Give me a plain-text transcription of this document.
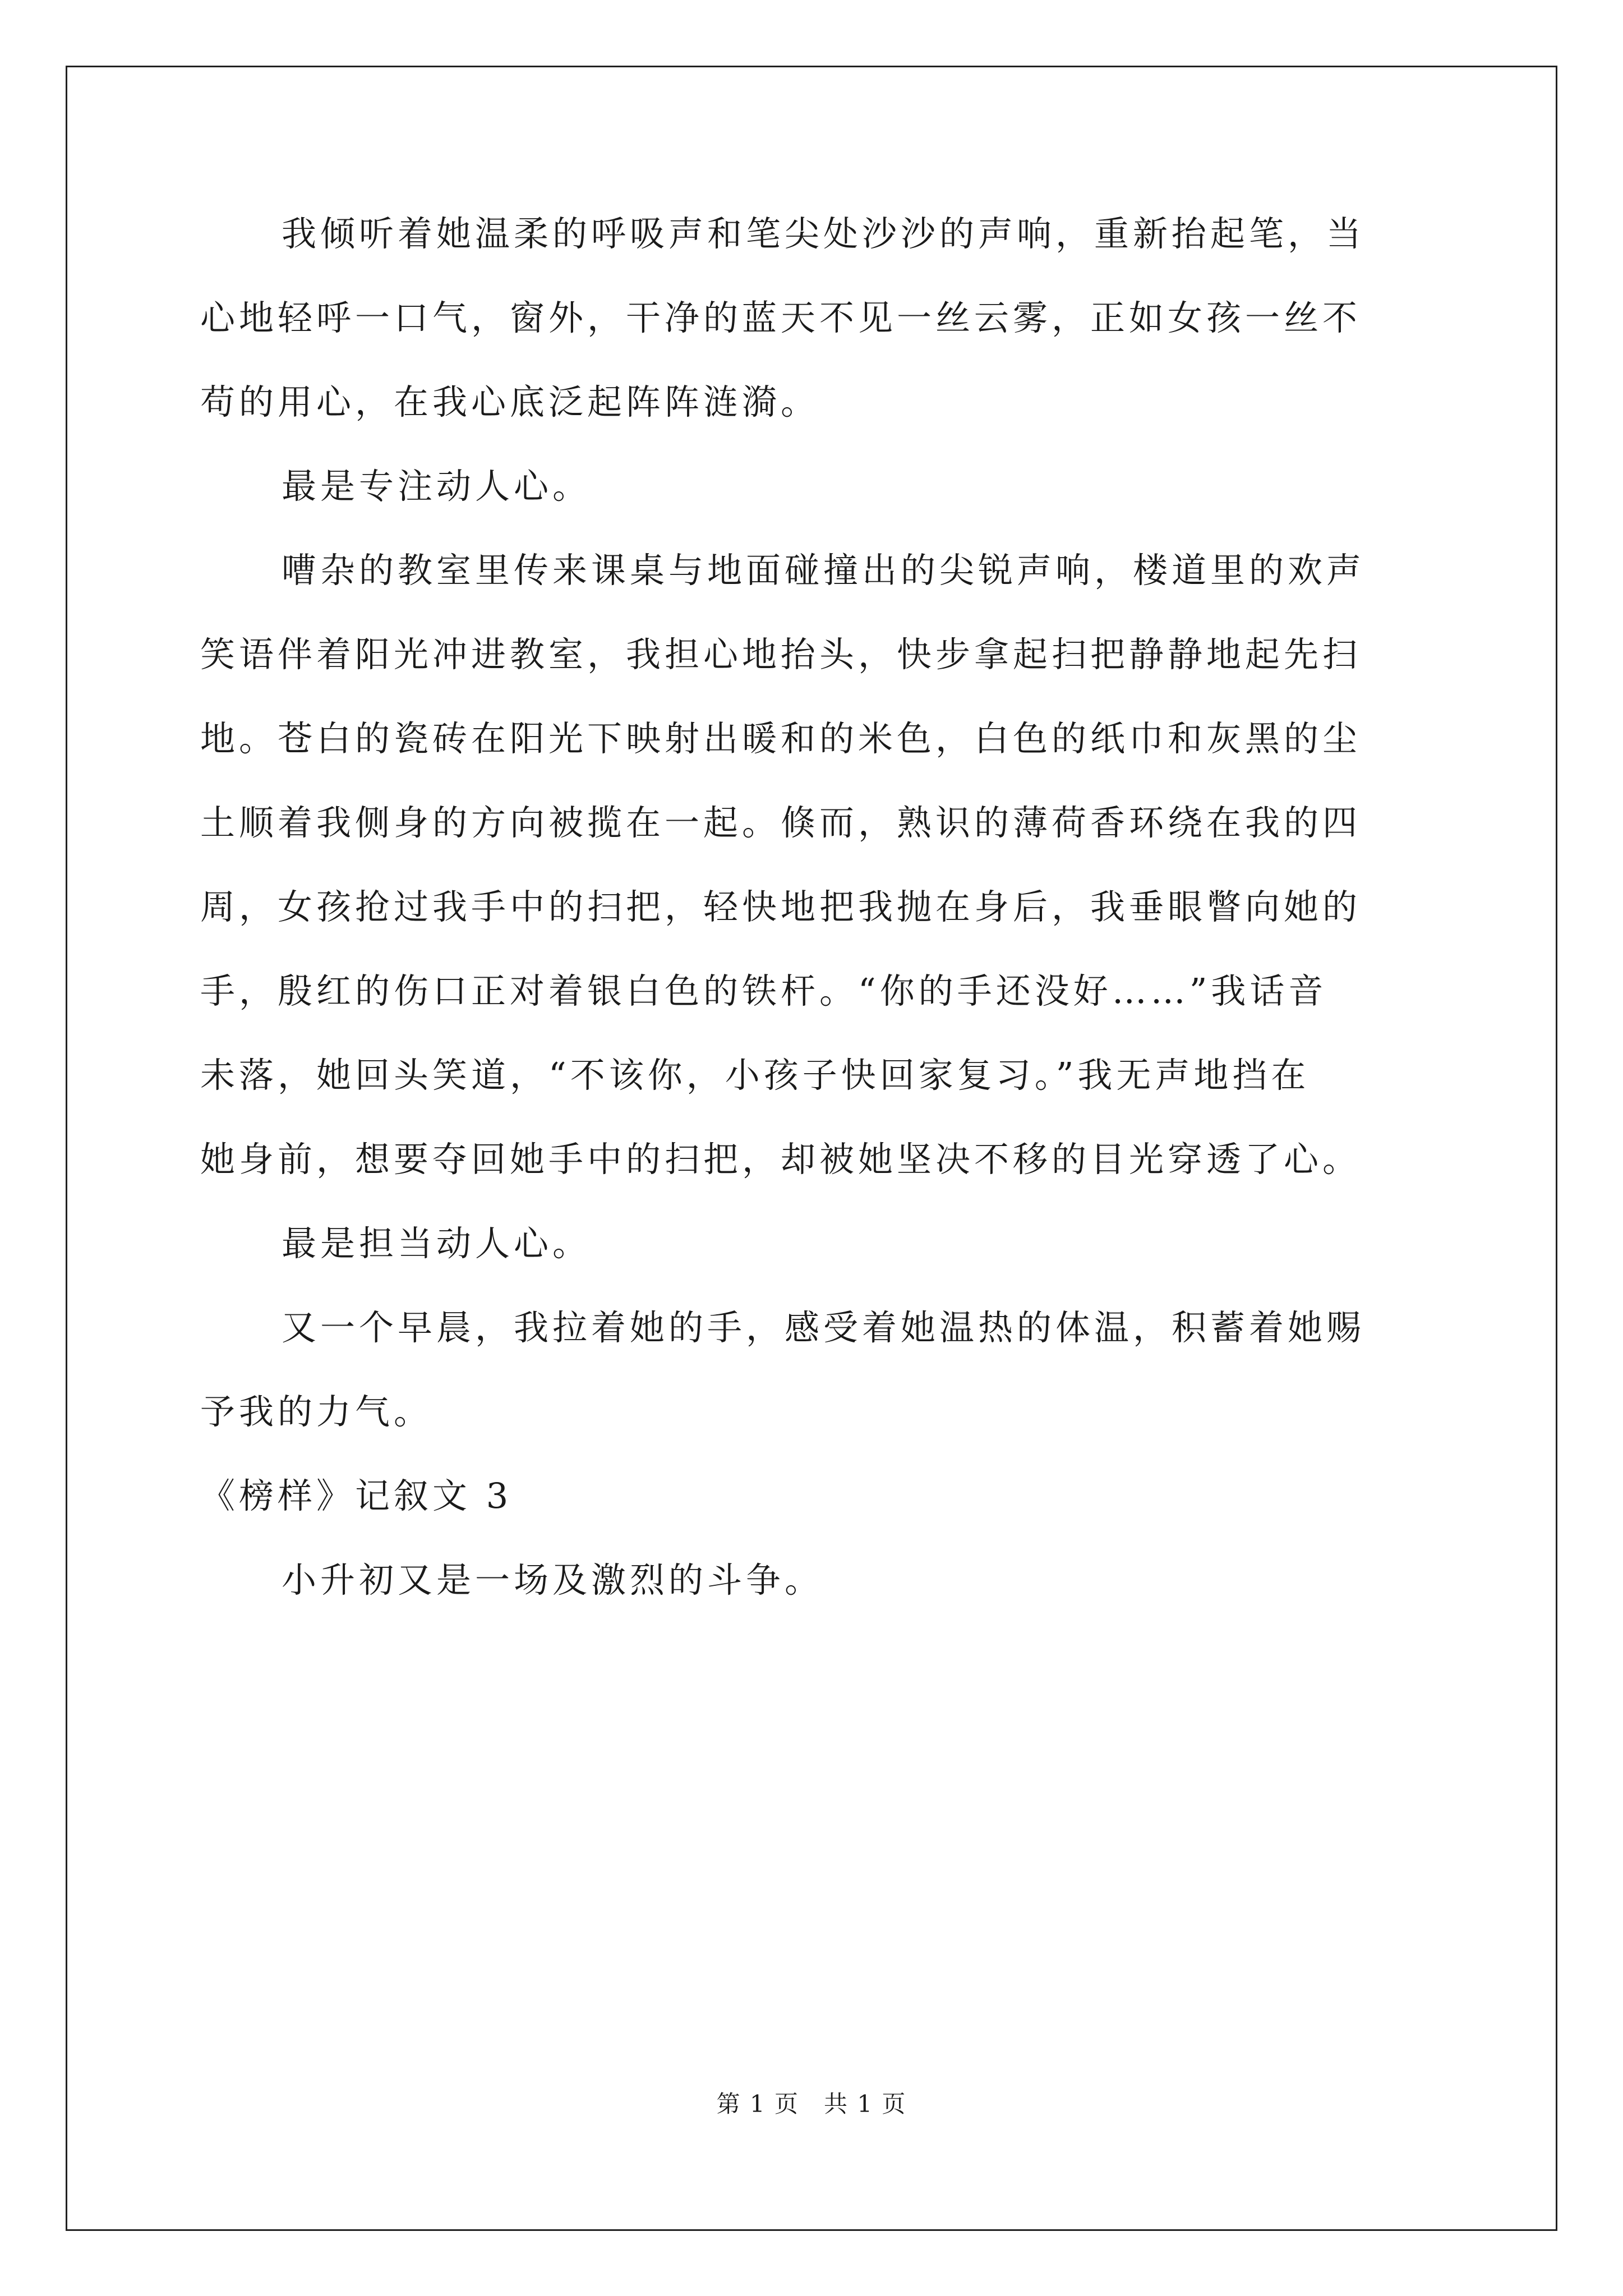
我倾听着她温柔的呼吸声和笔尖处沙沙的声响，重新抬起笔，当
心地轻呼一口气，窗外，干净的蓝天不见一丝云雾，正如女孩一丝不
苟的用心，在我心底泛起阵阵涟漪。
最是专注动人心。
嘈杂的教室里传来课桌与地面碰撞出的尖锐声响，楼道里的欢声
笑语伴着阳光冲进教室，我担心地抬头，快步拿起扫把静静地起先扫
地。苍白的瓷砖在阳光下映射出暖和的米色，白色的纸巾和灰黑的尘
土顺着我侧身的方向被揽在一起。倏而，熟识的薄荷香环绕在我的四
周，女孩抢过我手中的扫把，轻快地把我抛在身后，我垂眼瞥向她的
手，殷红的伤口正对着银白色的铁杆。“你的手还没好……”我话音
未落，她回头笑道，“不该你，小孩子快回家复习。”我无声地挡在
她身前，想要夺回她手中的扫把，却被她坚决不移的目光穿透了心。
最是担当动人心。
又一个早晨，我拉着她的手，感受着她温热的体温，积蓄着她赐
予我的力气。
《榜样》记叙文 3
小升初又是一场及激烈的斗争。
第 1 页　共 1 页
